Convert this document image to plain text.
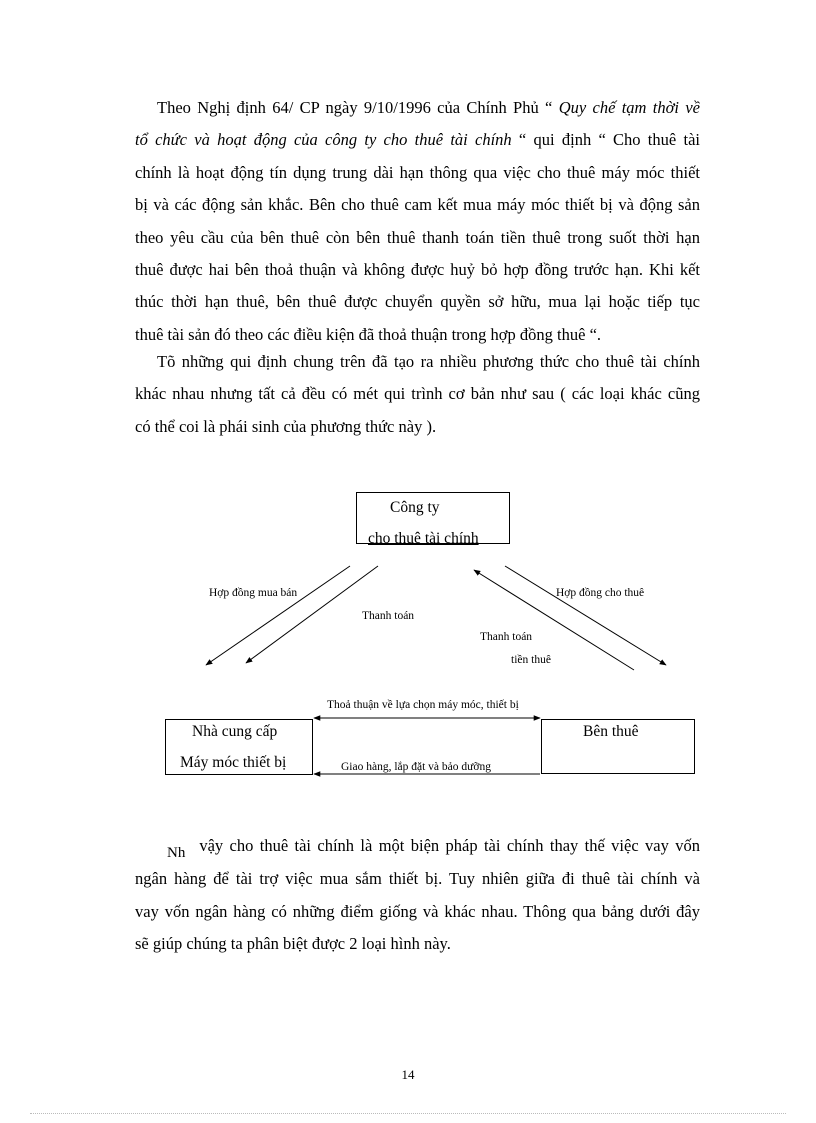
Theo Nghị định 64/ CP ngày 9/10/1996 của Chính Phủ “ Quy chế tạm thời về
tổ chức và hoạt động của công ty cho thuê tài chính “ qui định “ Cho thuê tài
chính là hoạt động tín dụng trung dài hạn thông qua việc cho thuê máy móc thiết
bị và các động sản khắc. Bên cho thuê cam kết mua máy móc thiết bị và động sản
theo yêu cầu của bên thuê còn bên thuê thanh toán tiền thuê trong suốt thời hạn
thuê được hai bên thoả thuận và không được huỷ bỏ hợp đồng trước hạn. Khi kết
thúc thời hạn thuê, bên thuê được chuyển quyền sở hữu, mua lại hoặc tiếp tục
thuê tài sản đó theo các điều kiện đã thoả thuận trong hợp đồng thuê “.
Tõ những qui định chung trên đã tạo ra nhiều phương thức cho thuê tài chính
khác nhau nhưng tất cả đều có mét qui trình cơ bản như sau ( các loại khác cũng
có thể coi là phái sinh của phương thức này ).
Công ty
cho thuê tài chính
Nhà cung cấp
Máy móc thiết bị
Bên thuê
Hợp đồng mua bán
Thanh toán
Hợp đồng cho thuê
Thanh toán
tiền thuê
Thoả thuận về lựa chọn máy móc, thiết bị
Giao hàng, lắp đặt và bảo dưỡng
Nh vậy cho thuê tài chính là một biện pháp tài chính thay thế việc vay vốn
ngân hàng để tài trợ việc mua sắm thiết bị. Tuy nhiên giữa đi thuê tài chính và
vay vốn ngân hàng có những điểm giống và khác nhau. Thông qua bảng dưới đây
sẽ giúp chúng ta phân biệt được 2 loại hình này.
14
